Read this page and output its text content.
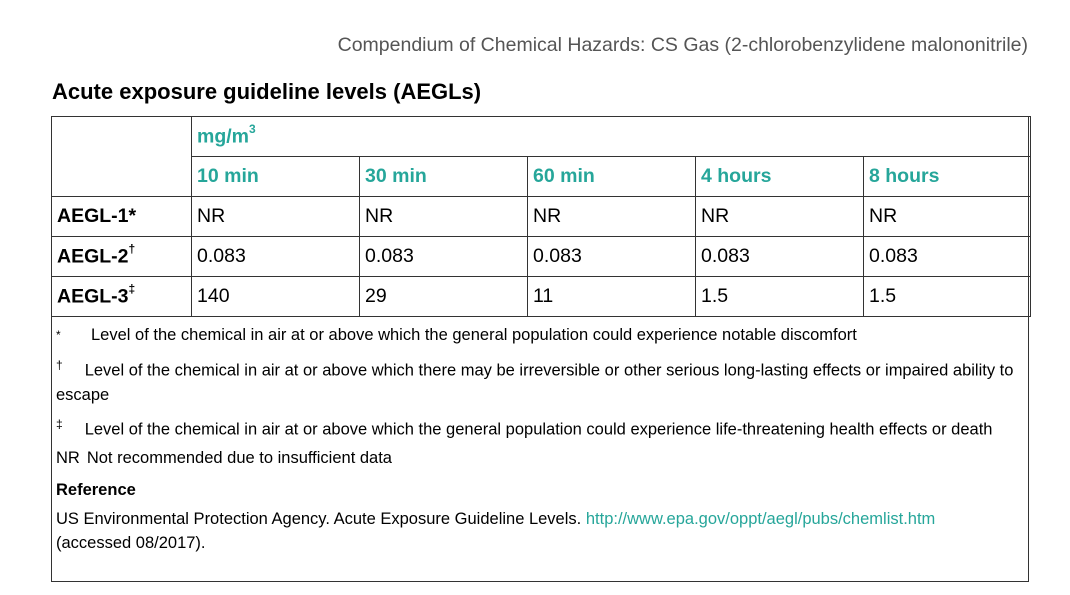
Compendium of Chemical Hazards: CS Gas (2-chlorobenzylidene malononitrile)
Acute exposure guideline levels (AEGLs)
	$mg/m^3$
	10 min	30 min	60 min	4 hours	8 hours
AEGL-1*	NR	NR	NR	NR	NR
AEGL-2†	0.083	0.083	0.083	0.083	0.083
AEGL-3‡	140	29	11	1.5	1.5
* Level of the chemical in air at or above which the general population could experience notable discomfort
† Level of the chemical in air at or above which there may be irreversible or other serious long-lasting effects or impaired ability to escape
‡ Level of the chemical in air at or above which the general population could experience life-threatening health effects or death
NR Not recommended due to insufficient data
Reference
US Environmental Protection Agency. Acute Exposure Guideline Levels. http://www.epa.gov/oppt/aegl/pubs/chemlist.htm
(accessed 08/2017).
